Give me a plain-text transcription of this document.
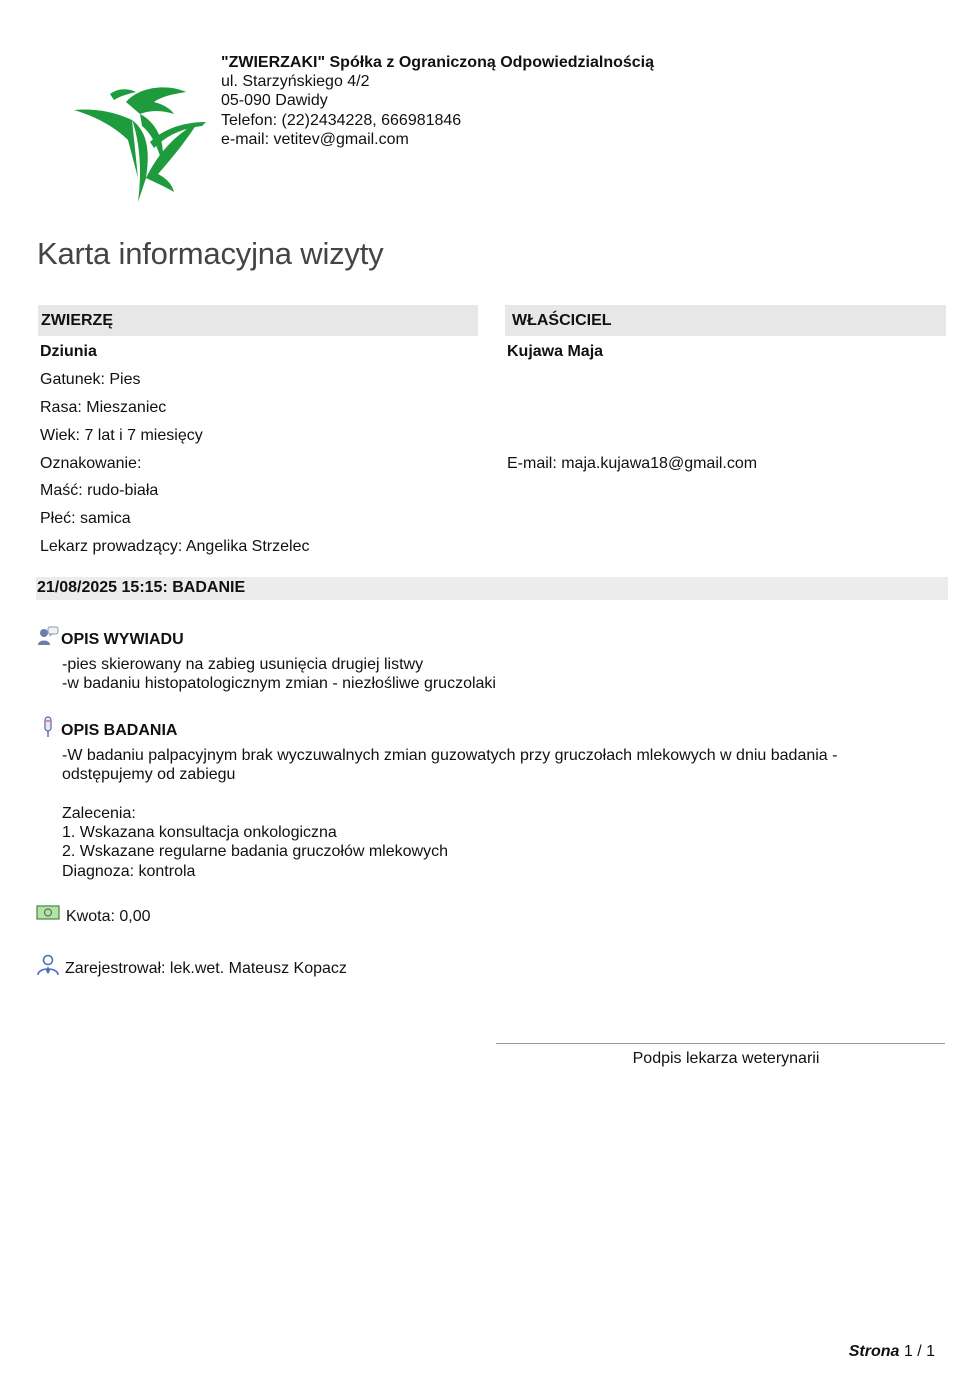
"ZWIERZAKI" Spółka z Ograniczoną Odpowiedzialnością
ul. Starzyńskiego 4/2
05-090 Dawidy
Telefon: (22)2434228, 666981846
e-mail: vetitev@gmail.com
Karta informacyjna wizyty
ZWIERZĘ
Dziunia
Gatunek: Pies
Rasa: Mieszaniec
Wiek: 7 lat i 7 miesięcy
Oznakowanie:
Maść: rudo-biała
Płeć: samica
Lekarz prowadzący: Angelika Strzelec
WŁAŚCICIEL
Kujawa Maja
E-mail: maja.kujawa18@gmail.com
21/08/2025 15:15: BADANIE
OPIS WYWIADU
-pies skierowany na zabieg usunięcia drugiej listwy
-w badaniu histopatologicznym zmian - niezłośliwe gruczolaki
OPIS BADANIA
-W badaniu palpacyjnym brak wyczuwalnych zmian guzowatych przy gruczołach mlekowych w dniu badania -
odstępujemy od zabiegu

Zalecenia:
1. Wskazana konsultacja onkologiczna
2. Wskazane regularne badania gruczołów mlekowych
Diagnoza: kontrola
Kwota: 0,00
Zarejestrował: lek.wet. Mateusz Kopacz
Podpis lekarza weterynarii
Strona 1 / 1
